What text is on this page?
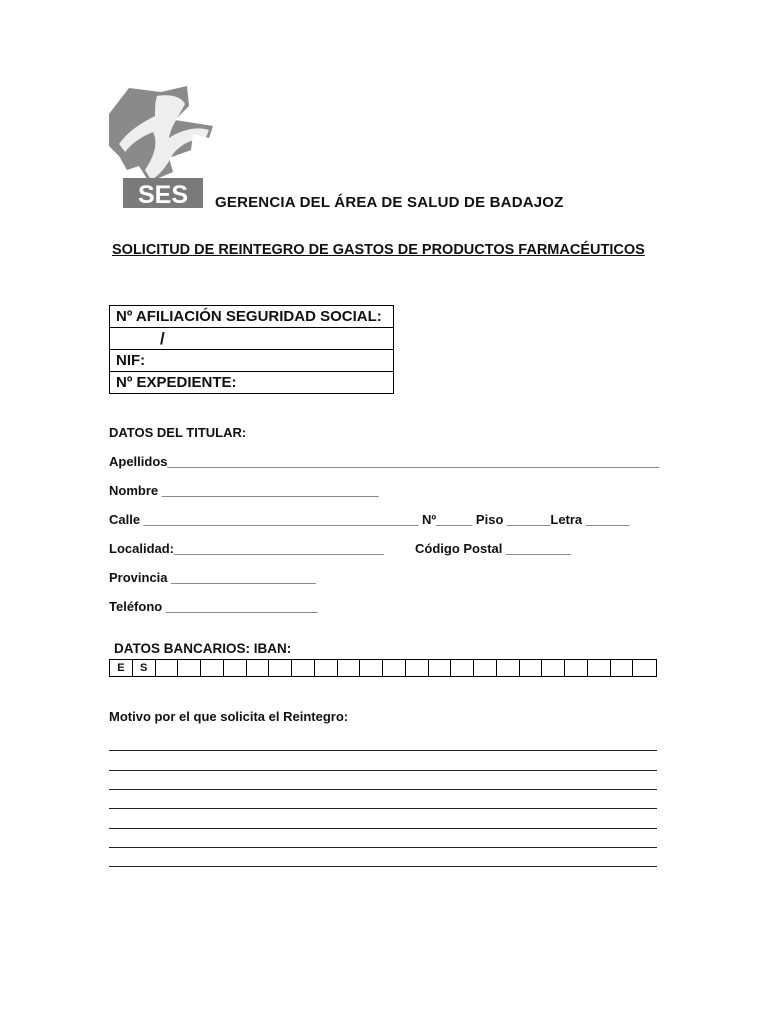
SES GERENCIA DEL ÁREA DE SALUD DE BADAJOZ
SOLICITUD DE REINTEGRO DE GASTOS DE PRODUCTOS FARMACÉUTICOS
Nº AFILIACIÓN SEGURIDAD SOCIAL:
/
NIF:
Nº EXPEDIENTE:
DATOS DEL TITULAR:
Apellidos____________________________________________________________________
Nombre ______________________________
Calle ______________________________________ Nº_____ Piso ______Letra ______
Localidad:_____________________________ Código Postal _________
Provincia ____________________
Teléfono _____________________
DATOS BANCARIOS: IBAN:
E	S
Motivo por el que solicita el Reintegro:
